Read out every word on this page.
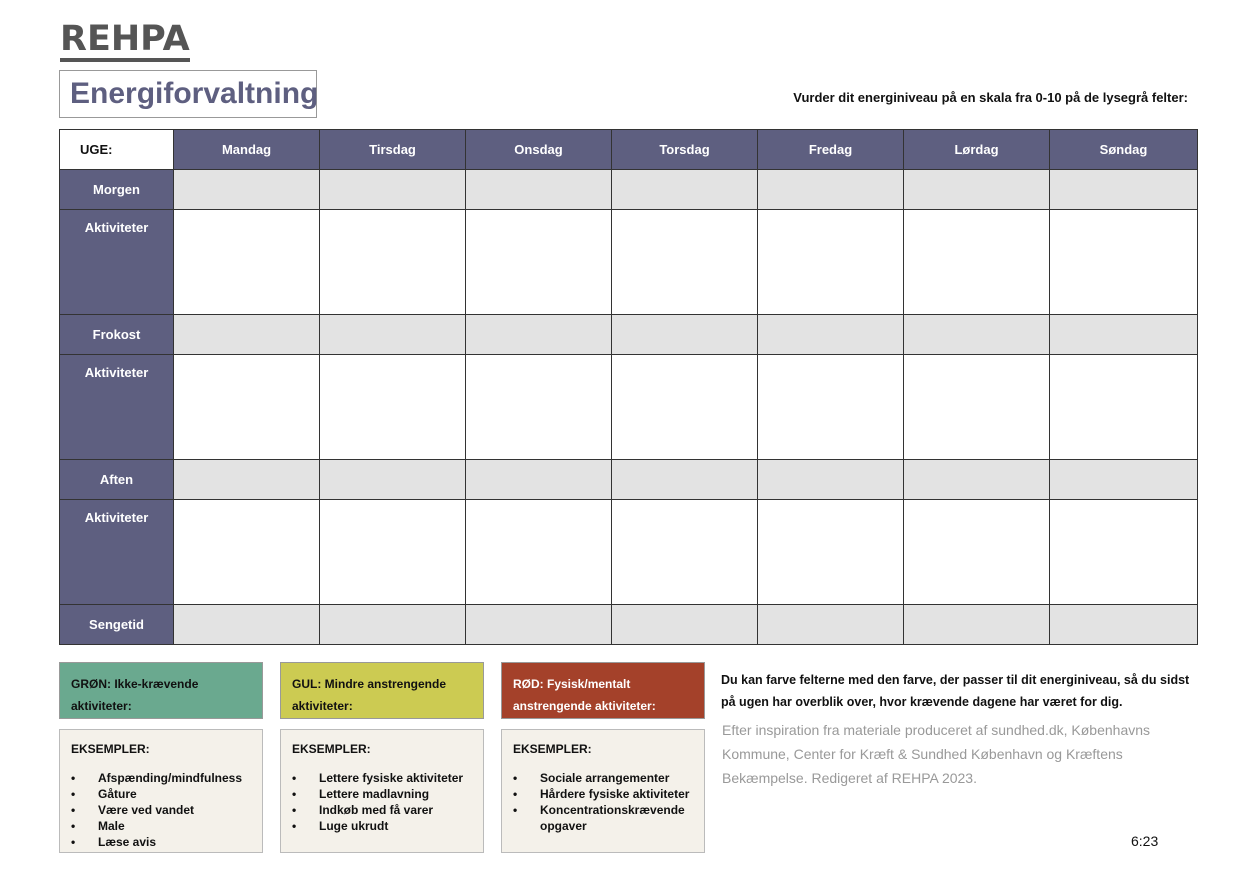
REHPA
Energiforvaltning	Vurder dit energiniveau på en skala fra 0-10 på de lysegrå felter:
UGE:	Mandag	Tirsdag	Onsdag	Torsdag	Fredag	Lørdag	Søndag
Morgen							
Aktiviteter							
Frokost							
Aktiviteter							
Aften							
Aktiviteter							
Sengetid							
GRØN: Ikke-krævende aktiviteter:
GUL: Mindre anstrengende aktiviteter:
RØD: Fysisk/mentalt anstrengende aktiviteter:
EKSEMPLER:
• Afspænding/mindfulness
• Gåture
• Være ved vandet
• Male
• Læse avis
EKSEMPLER:
• Lettere fysiske aktiviteter
• Lettere madlavning
• Indkøb med få varer
• Luge ukrudt
EKSEMPLER:
• Sociale arrangementer
• Hårdere fysiske aktiviteter
• Koncentrationskrævende opgaver
Du kan farve felterne med den farve, der passer til dit energiniveau, så du sidst på ugen har overblik over, hvor krævende dagene har været for dig.
Efter inspiration fra materiale produceret af sundhed.dk, Københavns Kommune, Center for Kræft & Sundhed København og Kræftens Bekæmpelse. Redigeret af REHPA 2023.
6:23
